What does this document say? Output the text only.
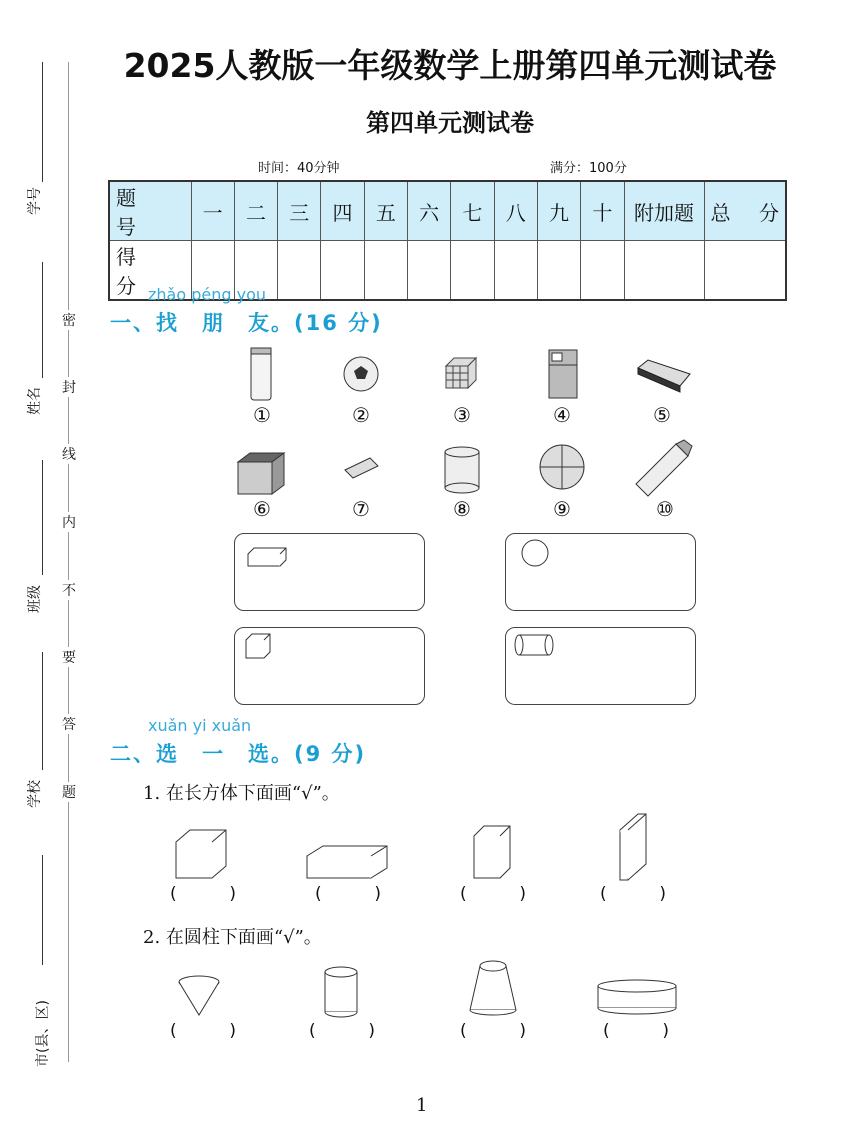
2025人教版一年级数学上册第四单元测试卷
第四单元测试卷
时间：40分钟	满分：100分
学号
姓名
班级
学校
市(县、区)
密
封
线
内
不
要
答
题
题　　号	一	二	三	四	五	六	七	八	九	十	附加题	总　分
得　　分												zhǎo péng you
一、找　朋　友。(16 分)
①	②	③	④	⑤
⑥	⑦	⑧	⑨	⑩
xuǎn yi xuǎn
二、选　一　选。(9 分)
1. 在长方体下面画“√”。
2. 在圆柱下面画“√”。
(	)	(	)	(	)	(	)
(	)	(	)	(	)	(	)
1
